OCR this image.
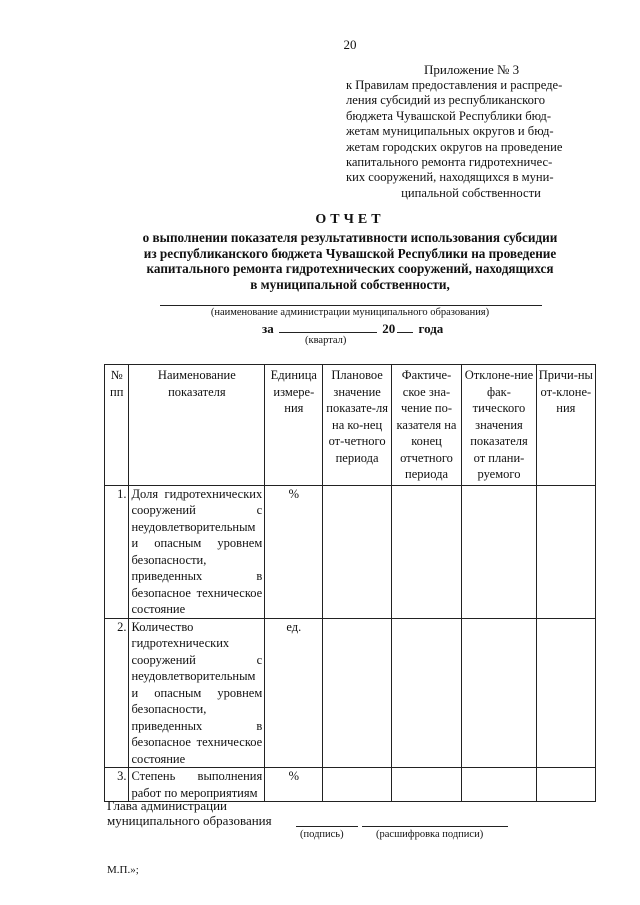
20
Приложение № 3
к Правилам предоставления и распреде-
ления субсидий из республиканского
бюджета Чувашской Республики бюд-
жетам муниципальных округов и бюд-
жетам городских округов на проведение
капитального ремонта гидротехничес-
ких сооружений, находящихся в муни-
ципальной собственности
ОТЧЕТ
о выполнении показателя результативности использования субсидии
из республиканского бюджета Чувашской Республики на проведение
капитального ремонта гидротехнических сооружений, находящихся
в муниципальной собственности,
(наименование администрации муниципального образования)
за	20 года
(квартал)
№ пп	Наименование показателя	Единица измере-ния	Плановое значение показате-ля на ко-нец от-четного периода	Фактиче-ское зна-чение по-казателя на конец отчетного периода	Отклоне-ние фак-тического значения показателя от плани-руемого	Причи-ны от-клоне-ния
1.	Доля гидротехнических сооружений с неудовлетворительным и опасным уровнем безопасности, приведенных в безопасное техническое состояние	%				
2.	Количество гидротехнических сооружений с неудовлетворительным и опасным уровнем безопасности, приведенных в безопасное техническое состояние	ед.				
3.	Степень выполнения работ по мероприятиям	%				
Глава администрации
муниципального образования
(подпись)	(расшифровка подписи)
М.П.»;
